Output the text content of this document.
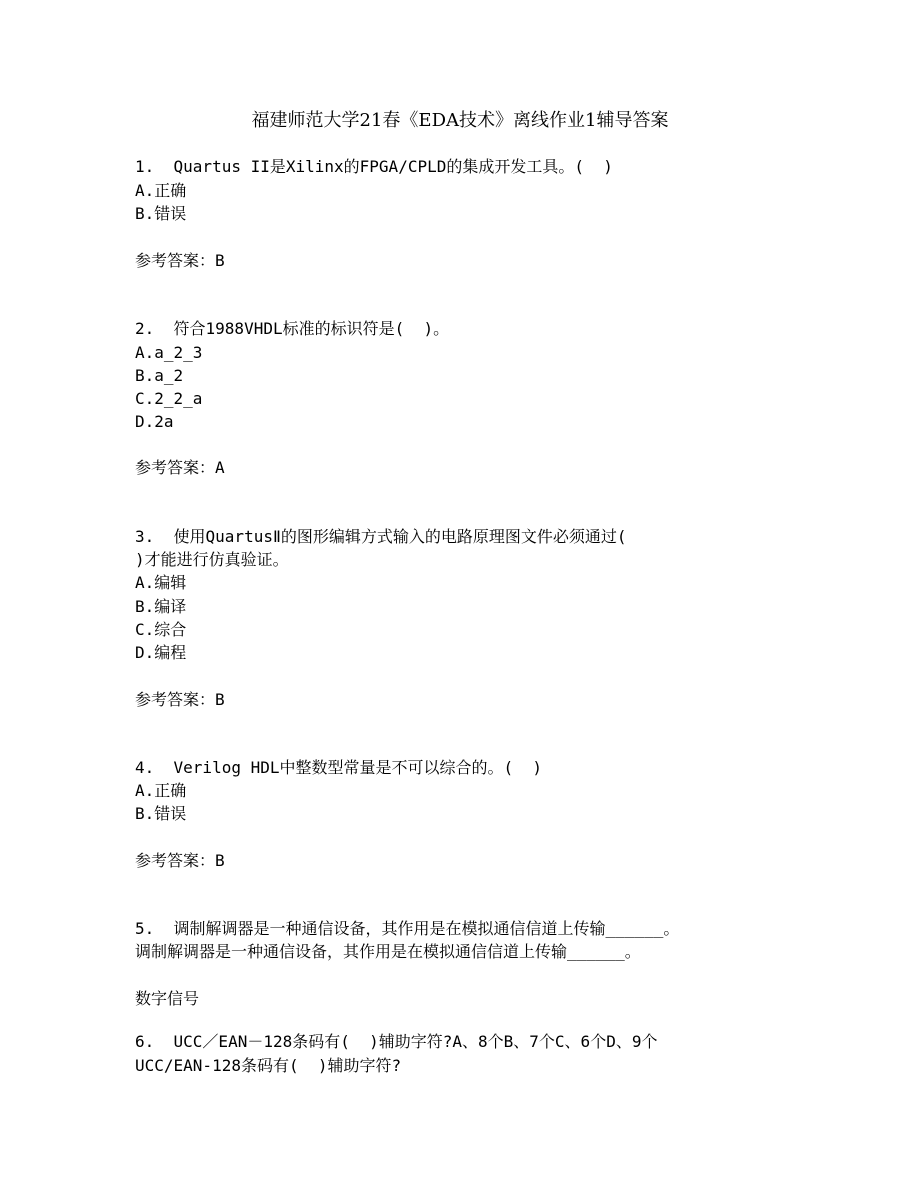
福建师范大学21春《EDA技术》离线作业1辅导答案
1.  Quartus II是Xilinx的FPGA/CPLD的集成开发工具。(  )
A.正确
B.错误
参考答案：B
2.  符合1988VHDL标准的标识符是(  )。
A.a_2_3
B.a_2
C.2_2_a
D.2a
参考答案：A
3.  使用QuartusⅡ的图形编辑方式输入的电路原理图文件必须通过(
)才能进行仿真验证。
A.编辑
B.编译
C.综合
D.编程
参考答案：B
4.  Verilog HDL中整数型常量是不可以综合的。(  )
A.正确
B.错误
参考答案：B
5.  调制解调器是一种通信设备，其作用是在模拟通信信道上传输______。
调制解调器是一种通信设备，其作用是在模拟通信信道上传输______。
数字信号
6.  UCC／EAN－128条码有(  )辅助字符?A、8个B、7个C、6个D、9个
UCC/EAN-128条码有(  )辅助字符?
